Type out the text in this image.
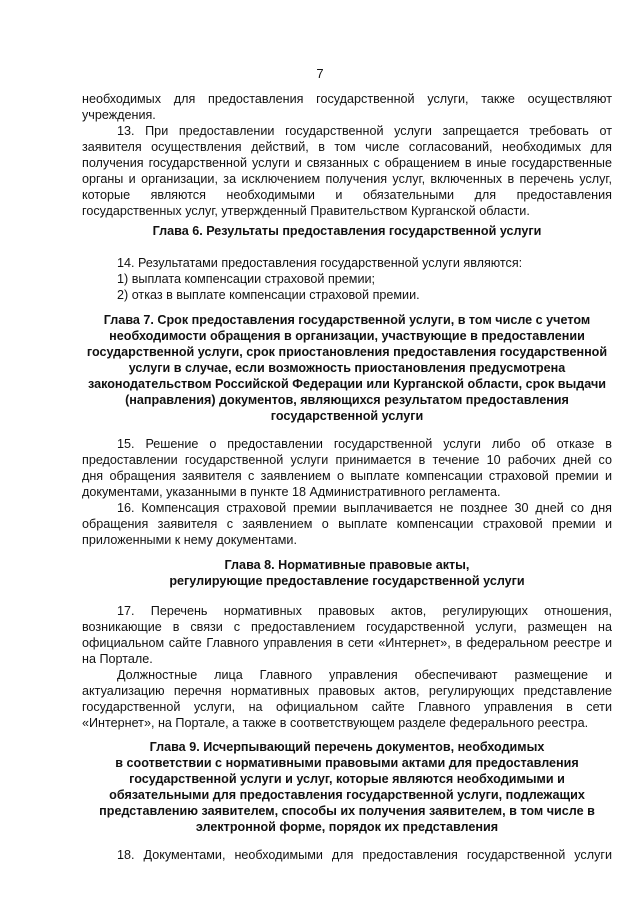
7

необходимых для предоставления государственной услуги, также осуществляют

учреждения.

13. При предоставлении государственной услуги запрещается требовать от

заявителя осуществления действий, в том числе согласований, необходимых для

получения государственной услуги и связанных с обращением в иные государственные

органы и организации, за исключением получения услуг, включенных в перечень услуг,

которые являются необходимыми и обязательными для предоставления

государственных услуг, утвержденный Правительством Курганской области.

Глава 6. Результаты предоставления государственной услуги

14. Результатами предоставления государственной услуги являются:

1) выплата компенсации страховой премии;

2) отказ в выплате компенсации страховой премии.

Глава 7. Срок предоставления государственной услуги, в том числе с учетом
необходимости обращения в организации, участвующие в предоставлении
государственной услуги, срок приостановления предоставления государственной
услуги в случае, если возможность приостановления предусмотрена
законодательством Российской Федерации или Курганской области, срок выдачи
(направления) документов, являющихся результатом предоставления
государственной услуги

15. Решение о предоставлении государственной услуги либо об отказе в

предоставлении государственной услуги принимается в течение 10 рабочих дней со

дня обращения заявителя с заявлением о выплате компенсации страховой премии и

документами, указанными в пункте 18 Административного регламента.

16. Компенсация страховой премии выплачивается не позднее 30 дней со дня

обращения заявителя с заявлением о выплате компенсации страховой премии и

приложенными к нему документами.

Глава 8. Нормативные правовые акты,
регулирующие предоставление государственной услуги

17. Перечень нормативных правовых актов, регулирующих отношения,

возникающие в связи с предоставлением государственной услуги, размещен на

официальном сайте Главного управления в сети «Интернет», в федеральном реестре и

на Портале.

Должностные лица Главного управления обеспечивают размещение и

актуализацию перечня нормативных правовых актов, регулирующих представление

государственной услуги, на официальном сайте Главного управления в сети

«Интернет», на Портале, а также в соответствующем разделе федерального реестра.

Глава 9. Исчерпывающий перечень документов, необходимых
в соответствии с нормативными правовыми актами для предоставления
государственной услуги и услуг, которые являются необходимыми и
обязательными для предоставления государственной услуги, подлежащих
представлению заявителем, способы их получения заявителем, в том числе в
электронной форме, порядок их представления

18. Документами, необходимыми для предоставления государственной услуги
